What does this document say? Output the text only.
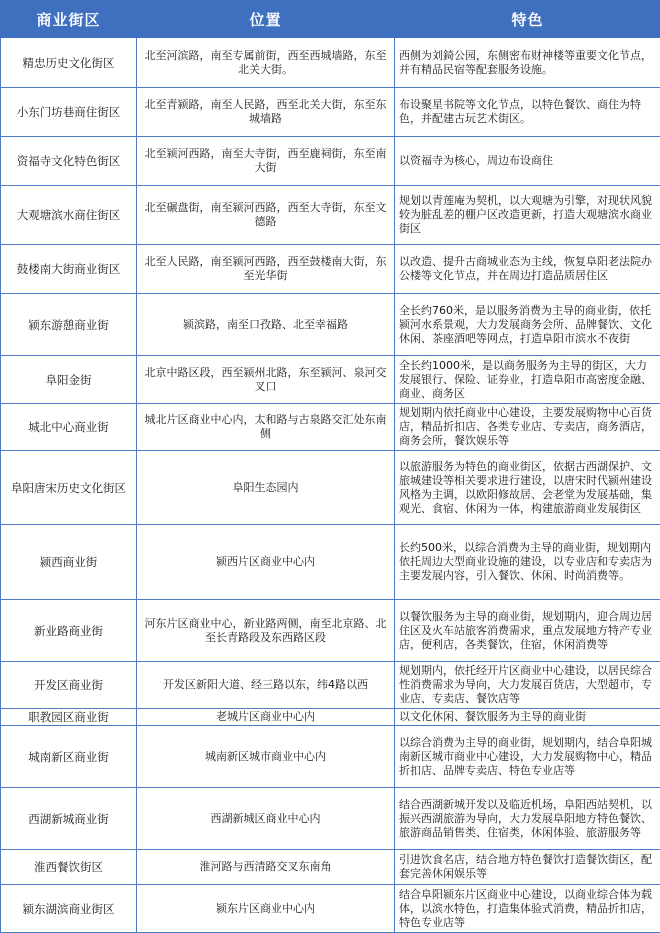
商业街区	位置	特色
精忠历史文化街区	北至河滨路，南至专属前街，西至西城墙路，东至北关大街。	西侧为刘錡公园，东侧密布财神楼等重要文化节点，并有精品民宿等配套服务设施。
小东门坊巷商住街区	北至青颍路，南至人民路，西至北关大街，东至东城墙路	布设聚星书院等文化节点，以特色餐饮、商住为特色，并配建古玩艺术街区。
资福寺文化特色街区	北至颍河西路，南至大寺街，西至鹿祠街，东至南大街	以资福寺为核心，周边布设商住
大观塘滨水商住街区	北至碾盘街，南至颍河西路，西至大寺街，东至文德路	规划以青莲庵为契机，以大观塘为引擎，对现状风貌较为脏乱差的棚户区改造更新，打造大观塘滨水商业街区
鼓楼南大街商业街区	北至人民路，南至颍河西路，西至鼓楼南大街，东至光华街	以改造、提升古商城业态为主线，恢复阜阳老法院办公楼等文化节点，并在周边打造品质居住区
颍东游憩商业街	颍滨路，南至口孜路、北至幸福路	全长约760米，是以服务消费为主导的商业街，依托颍河水系景观，大力发展商务会所、品牌餐饮、文化休闲、茶座酒吧等网点，打造阜阳市滨水不夜街
阜阳金街	北京中路区段，西至颍州北路，东至颍河、泉河交叉口	全长约1000米，是以商务服务为主导的街区，大力发展银行、保险、证券业，打造阜阳市高密度金融、商业、商务区
城北中心商业街	城北片区商业中心内，太和路与古泉路交汇处东南侧	规划期内依托商业中心建设，主要发展购物中心百货店，精品折扣店、各类专业店、专卖店，商务酒店，商务会所，餐饮娱乐等
阜阳唐宋历史文化街区	阜阳生态园内	以旅游服务为特色的商业街区，依据古西湖保护、文旅城建设等相关要求进行建设，以唐宋时代颍州建设风格为主调，以欧阳修故居、会老堂为发展基础，集观光、食宿、休闲为一体，构建旅游商业发展街区
颍西商业街	颍西片区商业中心内	长约500米，以综合消费为主导的商业街，规划期内依托周边大型商业设施的建设，以专业店和专卖店为主要发展内容，引入餐饮、休闲、时尚消费等。
新业路商业街	河东片区商业中心，新业路两侧，南至北京路、北至长青路段及东西路区段	以餐饮服务为主导的商业街，规划期内，迎合周边居住区及火车站旅客消费需求，重点发展地方特产专业店，便利店，各类餐饮，住宿，休闲消费等
开发区商业街	开发区新阳大道、经三路以东，纬4路以西	规划期内，依托经开片区商业中心建设，以居民综合性消费需求为导向，大力发展百货店，大型超市，专业店、专卖店、餐饮店等
职教园区商业街	老城片区商业中心内	以文化休闲、餐饮服务为主导的商业街
城南新区商业街	城南新区城市商业中心内	以综合消费为主导的商业街，规划期内，结合阜阳城南新区城市商业中心建设，大力发展购物中心，精品折扣店、品牌专卖店、特色专业店等
西湖新城商业街	西湖新城区商业中心内	结合西湖新城开发以及临近机场，阜阳西站契机，以振兴西湖旅游为导向，大力发展阜阳地方特色餐饮、旅游商品销售类、住宿类，休闲体验、旅游服务等
淮西餐饮街区	淮河路与西清路交叉东南角	引进饮食名店，结合地方特色餐饮打造餐饮街区，配套完善休闲娱乐等
颍东湖滨商业街区	颍东片区商业中心内	结合阜阳颍东片区商业中心建设，以商业综合体为载体，以滨水特色，打造集体验式消费，精品折扣店，特色专业店等
